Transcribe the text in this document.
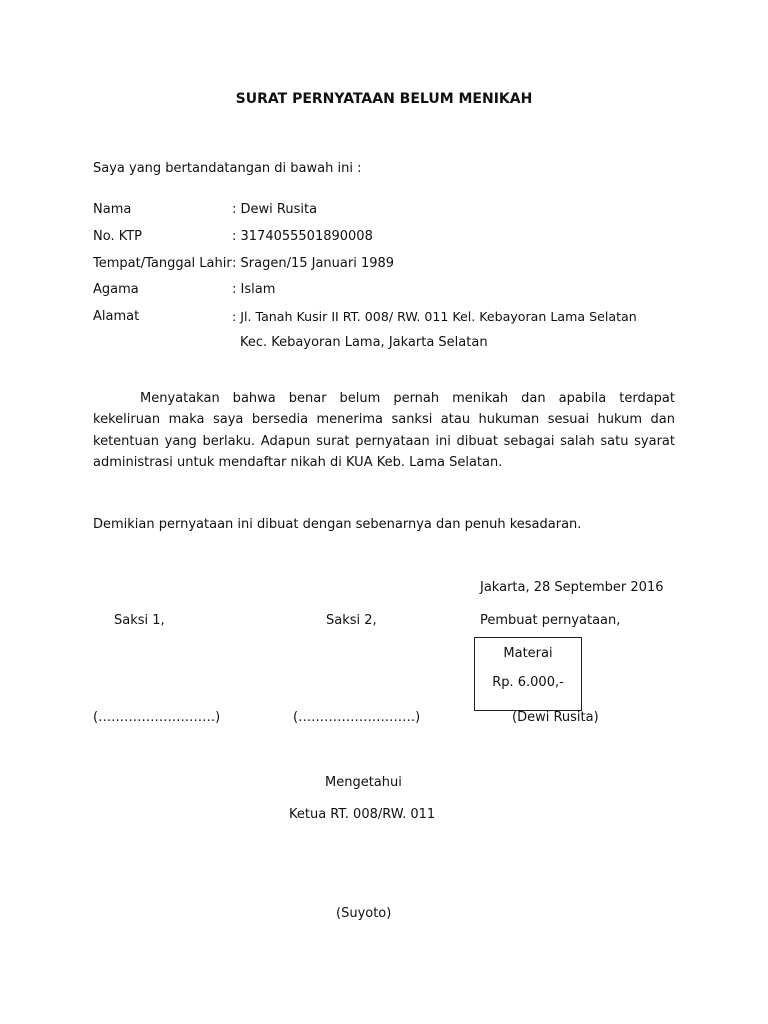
SURAT PERNYATAAN BELUM MENIKAH
Saya yang bertandatangan di bawah ini :
Nama	: Dewi Rusita
No. KTP	: 3174055501890008
Tempat/Tanggal Lahir : Sragen/15 Januari 1989
Agama	: Islam
Alamat	: Jl. Tanah Kusir II RT. 008/ RW. 011 Kel. Kebayoran Lama Selatan
Kec. Kebayoran Lama, Jakarta Selatan
Menyatakan bahwa benar belum pernah menikah dan apabila terdapat kekeliruan maka saya bersedia menerima sanksi atau hukuman sesuai hukum dan ketentuan yang berlaku. Adapun surat pernyataan ini dibuat sebagai salah satu syarat administrasi untuk mendaftar nikah di KUA Keb. Lama Selatan.
Demikian pernyataan ini dibuat dengan sebenarnya dan penuh kesadaran.
Jakarta, 28 September 2016
Saksi 1,	Saksi 2,	Pembuat pernyataan,
Materai
Rp. 6.000,-
(………………………)	(………………………)	(Dewi Rusita)
Mengetahui
Ketua RT. 008/RW. 011
(Suyoto)
